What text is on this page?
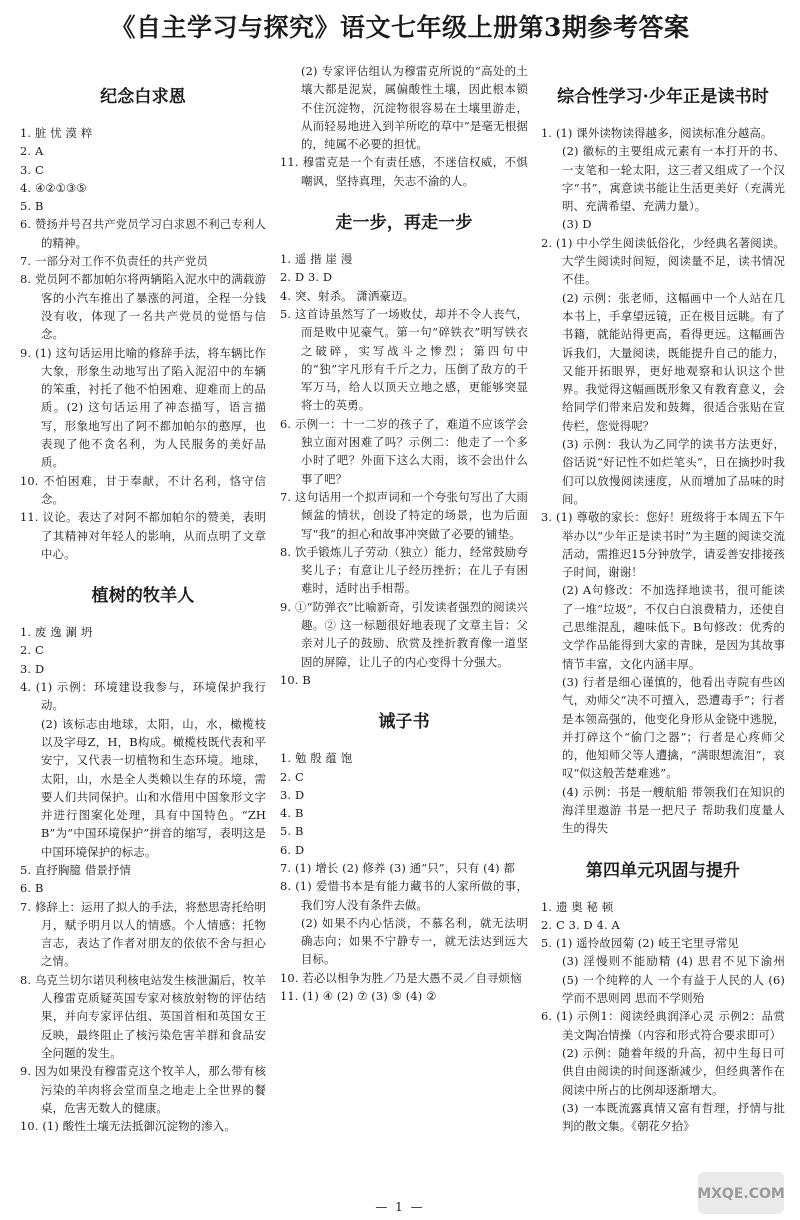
《自主学习与探究》语文七年级上册第3期参考答案
纪念白求恩

1. 脏 忧 漠 粹

2. A

3. C

4. ④②①③⑤

5. B

6. 赞扬并号召共产党员学习白求恩不利己专利人的精神。

7. 一部分对工作不负责任的共产党员

8. 党员阿不都加帕尔将两辆陷入泥水中的满载游客的小汽车推出了暴涨的河道，全程一分钱没有收，体现了一名共产党员的觉悟与信念。

9. (1) 这句话运用比喻的修辞手法，将车辆比作大象，形象生动地写出了陷入泥沼中的车辆的笨重，衬托了他不怕困难、迎难而上的品质。(2) 这句话运用了神态描写，语言描写，形象地写出了阿不都加帕尔的憨厚，也表现了他不贪名利，为人民服务的美好品质。

10. 不怕困难，甘于奉献，不计名利，恪守信念。

11. 议论。表达了对阿不都加帕尔的赞美，表明了其精神对年轻人的影响，从而点明了文章中心。

植树的牧羊人

1. 废 逸 涮 坍

2. C

3. D

4. (1) 示例：环境建设我参与，环境保护我行动。

(2) 该标志由地球，太阳，山，水，橄榄枝以及字母Z，H，B构成。橄榄枝既代表和平安宁，又代表一切植物和生态环境。地球，太阳，山，水是全人类赖以生存的环境，需要人们共同保护。山和水借用中国象形文字并进行图案化处理，具有中国特色。“ZHB”为“中国环境保护”拼音的缩写，表明这是中国环境保护的标志。

5. 直抒胸臆 借景抒情

6. B

7. 修辞上：运用了拟人的手法，将愁思寄托给明月，赋予明月以人的情感。个人情感：托物言志，表达了作者对朋友的依依不舍与担心之情。

8. 乌克兰切尔诺贝利核电站发生核泄漏后，牧羊人穆雷克质疑英国专家对核放射物的评估结果，并向专家评估组、英国首相和英国女王反映，最终阻止了核污染危害羊群和食品安全问题的发生。

9. 因为如果没有穆雷克这个牧羊人，那么带有核污染的羊肉将会堂而皇之地走上全世界的餐桌，危害无数人的健康。

10. (1) 酸性土壤无法抵御沉淀物的渗入。

(2) 专家评估组认为穆雷克所说的“高处的土壤大都是泥炭，属偏酸性土壤，因此根本锁不住沉淀物，沉淀物很容易在土壤里游走，从而轻易地进入到羊所吃的草中”是毫无根据的，纯属不必要的担忧。

11. 穆雷克是一个有责任感，不迷信权威，不惧嘲讽，坚持真理，矢志不渝的人。

走一步，再走一步

1. 遥 揩 崖 漫

2. D 3. D

4. 突、射杀。 潇洒豪迈。

5. 这首诗虽然写了一场败仗，却并不令人丧气，而是败中见豪气。第一句“碎铁衣”明写铁衣之破碎，实写战斗之惨烈；第四句中的“独”字凡形有千斤之力，压倒了敌方的千军万马，给人以顶天立地之感，更能够突显将士的英勇。

6. 示例一：十一二岁的孩子了，难道不应该学会独立面对困难了吗？示例二：他走了一个多小时了吧？外面下这么大雨，该不会出什么事了吧？

7. 这句话用一个拟声词和一个夸张句写出了大雨倾盆的情状，创设了特定的场景，也为后面写“我”的担心和故事冲突做了必要的铺垫。

8. 饮手锻炼儿子劳动（独立）能力，经常鼓励夸奖儿子；有意让儿子经历挫折；在儿子有困难时，适时出手相帮。

9. ①“防弹衣”比喻新奇，引发读者强烈的阅读兴趣。② 这一标题很好地表现了文章主旨：父亲对儿子的鼓励、欣赏及挫折教育像一道坚固的屏障，让儿子的内心变得十分强大。

10. B

诫子书

1. 勉 殷 蕴 饱

2. C

3. D

4. B

5. B

6. D

7. (1) 增长 (2) 修养 (3) 通“只”，只有 (4) 都

8. (1) 爱惜书本是有能力藏书的人家所做的事，我们穷人没有条件去做。

(2) 如果不内心恬淡，不慕名利，就无法明确志向；如果不宁静专一，就无法达到远大目标。

10. 若必以相争为胜／乃是大愚不灵／自寻烦恼

11. (1) ④ (2) ⑦ (3) ⑤ (4) ②

综合性学习·少年正是读书时

1. (1) 课外读物读得越多，阅读标准分越高。

(2) 徽标的主要组成元素有一本打开的书、一支笔和一轮太阳，这三者又组成了一个汉字“书”，寓意读书能让生活更美好（充满光明、充满希望、充满力量）。

(3) D

2. (1) 中小学生阅读低俗化，少经典名著阅读。大学生阅读时间短，阅读量不足，读书情况不佳。

(2) 示例：张老师，这幅画中一个人站在几本书上，手拿望远镜，正在极目远眺。有了书籍，就能站得更高，看得更远。这幅画告诉我们，大量阅读，既能提升自己的能力，又能开拓眼界，更好地观察和认识这个世界。我觉得这幅画既形象又有教育意义，会给同学们带来启发和鼓舞，很适合张贴在宣传栏，您觉得呢？

(3) 示例：我认为乙同学的读书方法更好，俗话说“好记性不如烂笔头”，日在摘抄时我们可以放慢阅读速度，从而增加了品味的时间。

3. (1) 尊敬的家长：您好！班级将于本周五下午举办以“少年正是读书时”为主题的阅读交流活动，需推迟15分钟放学，请妥善安排接孩子时间，谢谢！

(2) A句修改：不加选择地读书，很可能读了一堆“垃圾”，不仅白白浪费精力，还使自己思维混乱，趣味低下。B句修改：优秀的文学作品能得到大家的青睐，是因为其故事情节丰富，文化内涵丰厚。

(3) 行者是细心谨慎的，他看出寺院有些凶气，劝师父“决不可擅入，恐遭毒手”；行者是本领高强的，他变化身形从金铙中逃脱，并打碎这个“偷门之器”；行者是心疼师父的，他知师父等人遭擒，“满眼想流泪”，哀叹“似这般苦楚难逃”。

(4) 示例：书是一艘航船 带领我们在知识的海洋里遨游 书是一把尺子 帮助我们度量人生的得失

第四单元巩固与提升

1. 遗 奥 秘 顿

2. C 3. D 4. A

5. (1) 遥怜故园菊 (2) 岐王宅里寻常见

(3) 淫慢则不能励精 (4) 思君不见下渝州 (5) 一个纯粹的人 一个有益于人民的人 (6) 学而不思则罔 思而不学则殆

6. (1) 示例1：阅读经典润泽心灵 示例2：品赏美文陶冶情操（内容和形式符合要求即可）

(2) 示例：随着年级的升高，初中生每日可供自由阅读的时间逐渐减少，但经典著作在阅读中所占的比例却逐渐增大。

(3) 一本既流露真情又富有哲理，抒情与批判的散文集。《朝花夕拾》

— 1 —
MXQE.COM
